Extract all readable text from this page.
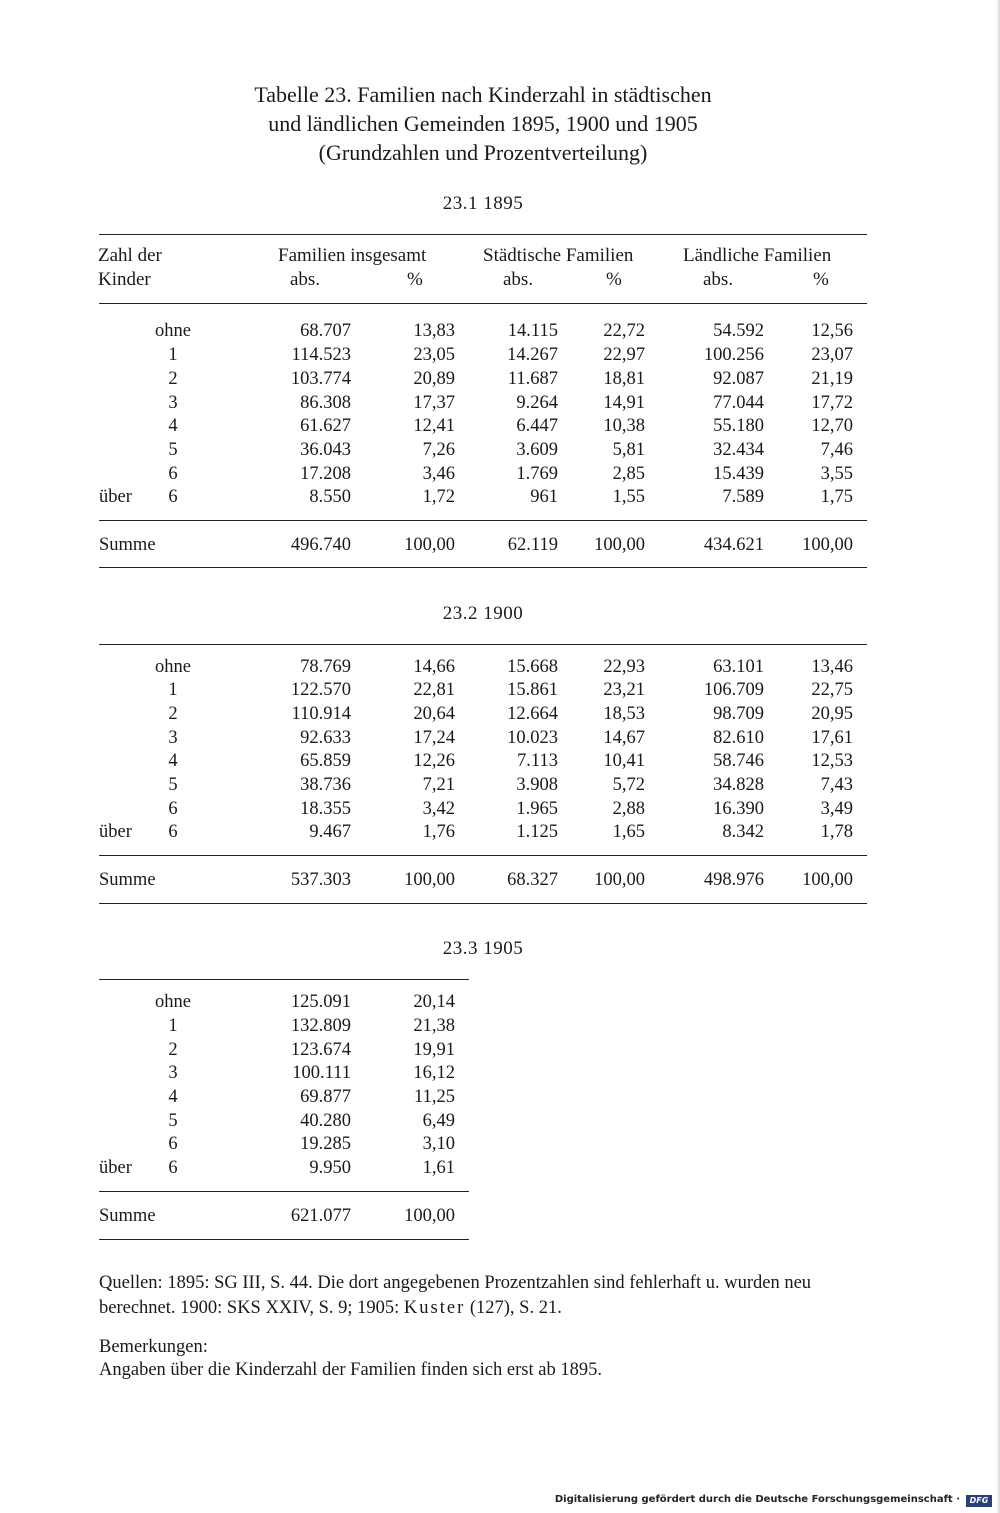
Tabelle 23. Familien nach Kinderzahl in städtischen
und ländlichen Gemeinden 1895, 1900 und 1905
(Grundzahlen und Prozentverteilung)
23.1 1895
Zahl der
Kinder
Familien insgesamt	Städtische Familien	Ländliche Familien
abs.	%	abs.	%	abs.	%
ohne	68.707	13,83	14.115 22,72	54.592	12,56
1	114.523	23,05	14.267 22,97	100.256	23,07
2	103.774	20,89	11.687 18,81	92.087	21,19
3	86.308	17,37	9.264 14,91	77.044	17,72
4	61.627	12,41	6.447 10,38	55.180	12,70
5	36.043	7,26	3.609	5,81	32.434	7,46
6	17.208	3,46	1.769	2,85	15.439	3,55
über	6	8.550	1,72	961	1,55	7.589	1,75
Summe	496.740	100,00	62.119 100,00	434.621 100,00
23.2 1900
ohne	78.769	14,66	15.668 22,93	63.101	13,46
1	122.570	22,81	15.861 23,21	106.709	22,75
2	110.914	20,64	12.664 18,53	98.709	20,95
3	92.633	17,24	10.023 14,67	82.610	17,61
4	65.859	12,26	7.113 10,41	58.746	12,53
5	38.736	7,21	3.908	5,72	34.828	7,43
6	18.355	3,42	1.965	2,88	16.390	3,49
über	6	9.467	1,76	1.125	1,65	8.342	1,78
Summe	537.303	100,00	68.327 100,00	498.976 100,00
23.3 1905
ohne	125.091	20,14
1	132.809	21,38
2	123.674	19,91
3	100.111	16,12
4	69.877	11,25
5	40.280	6,49
6	19.285	3,10
über	6	9.950	1,61
Summe	621.077	100,00
Quellen: 1895: SG III, S. 44. Die dort angegebenen Prozentzahlen sind fehlerhaft u. wurden neu berechnet. 1900: SKS XXIV, S. 9; 1905: Kuster (127), S. 21.
Bemerkungen:
Angaben über die Kinderzahl der Familien finden sich erst ab 1895.
Digitalisierung gefördert durch die Deutsche Forschungsgemeinschaft ·	DFG
